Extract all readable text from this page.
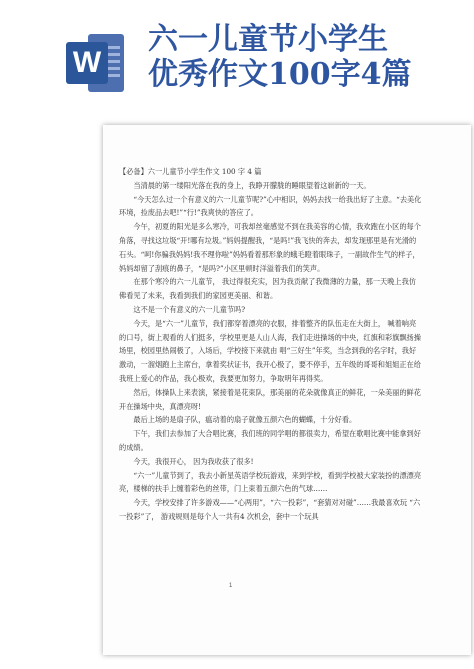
W
六一儿童节小学生
优秀作文100字4篇

【必备】六一儿童节小学生作文 100 字 4 篇

当清晨的第一缕阳光落在我的身上，我睁开朦胧的睡眼望着这崭新的一天。

“今天怎么过一个有意义的六一儿童节呢?”心中相识，妈妈去找一给我出好了主意。“去美化环境，捡废品去吧!”“行!”我爽快的答应了。

今午，初夏的阳光是多么寒冷，可我却丝毫感觉不到在我美容的心情，我欢跑在小区的每个角落，寻找这垃圾“开!哪有垃圾。”妈妈提醒我，“是吗!”我飞快的奔去，却发现那里是有光滑的石头。“呵!你骗我妈妈!我不理你啦”妈妈看着那形象的蛾毛瞪着眼珠子，一副故作生气的样子，妈妈却留了刮痕的鼻子，“是吗?”小区里顿时洋溢着我们的笑声。

在那个寒冷的六一儿童节， 我过得很充实，因为我贡献了我微薄的力量，那一天晚上我仿佛看见了未来，我看到我们的家园更美丽、和谐。

这不是一个有意义的六一儿童节吗?

今天，是“六一”儿童节，我们都穿着漂亮的衣服，排着整齐的队伍走在大街上， 喊着响亮的口号，街上观看的人们挺多，学校里更是人山人海，我们走进操场的中央，红旗和彩旗飘扬操场里，校园里热闹极了，入场后，学校接下来就由 唱“三好生”年奖，当念到我的名字时，我好激动，一溜烟跑上主席台，拿着奖状证书，我开心极了，要不停手，五年级的哥哥和姐姐正在给我班上爱心的作品，我心极欢，我要更加努力，争取明年再得奖。

然后，体操队上来表演，紧接着是花束队，那美丽的花朵就像真正的鲜花，一朵美丽的鲜花开在操场中央，真漂亮呀!

最后上场的是扇子队，瘟动着的扇子就像五颜六色的蝴蝶，十分好看。

下午，我们去参加了大合唱比赛，我们班的同学唱的都很卖力，希望在歌唱比赛中能拿到好的成绩。

今天，我很开心， 因为我收获了很多!

“六一”儿童节到了，我去小新星英语学校玩游戏，来到学校，看到学校被大家装扮的漂漂亮亮，楼梯的扶手上缠着彩色的丝带，门上束着五颜六色的气球……

今天，学校安排了许多游戏——“心两用”，“六一投彩”，“套猜对对碰”……我最喜欢玩 “六一投彩”了， 游戏规则是每个人一共有4 次机会，套中一个玩具

1
